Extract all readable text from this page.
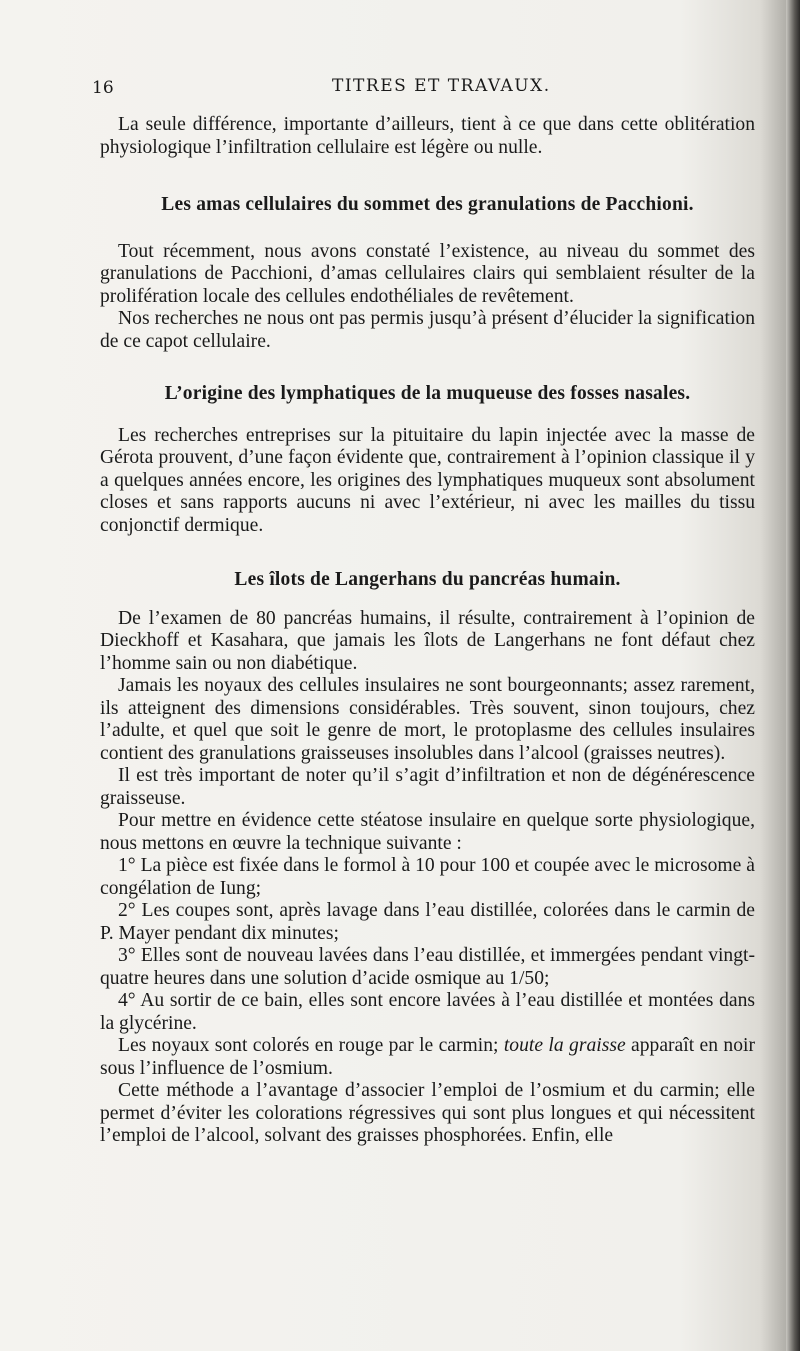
16	TITRES ET TRAVAUX.

La seule différence, importante d’ailleurs, tient à ce que dans cette oblitération physiologique l’infiltration cellulaire est légère ou nulle.

Les amas cellulaires du sommet des granulations de Pacchioni.

Tout récemment, nous avons constaté l’existence, au niveau du sommet des granulations de Pacchioni, d’amas cellulaires clairs qui semblaient résulter de la prolifération locale des cellules endothéliales de revêtement.

Nos recherches ne nous ont pas permis jusqu’à présent d’élucider la signification de ce capot cellulaire.

L’origine des lymphatiques de la muqueuse des fosses nasales.

Les recherches entreprises sur la pituitaire du lapin injectée avec la masse de Gérota prouvent, d’une façon évidente que, contrairement à l’opinion classique il y a quelques années encore, les origines des lymphatiques muqueux sont absolument closes et sans rapports aucuns ni avec l’extérieur, ni avec les mailles du tissu conjonctif dermique.

Les îlots de Langerhans du pancréas humain.

De l’examen de 80 pancréas humains, il résulte, contrairement à l’opinion de Dieckhoff et Kasahara, que jamais les îlots de Langerhans ne font défaut chez l’homme sain ou non diabétique.

Jamais les noyaux des cellules insulaires ne sont bourgeonnants; assez rarement, ils atteignent des dimensions considérables. Très souvent, sinon toujours, chez l’adulte, et quel que soit le genre de mort, le protoplasme des cellules insulaires contient des granulations graisseuses insolubles dans l’alcool (graisses neutres).

Il est très important de noter qu’il s’agit d’infiltration et non de dégénérescence graisseuse.

Pour mettre en évidence cette stéatose insulaire en quelque sorte physiologique, nous mettons en œuvre la technique suivante :

1° La pièce est fixée dans le formol à 10 pour 100 et coupée avec le microsome à congélation de Iung;

2° Les coupes sont, après lavage dans l’eau distillée, colorées dans le carmin de P. Mayer pendant dix minutes;

3° Elles sont de nouveau lavées dans l’eau distillée, et immergées pendant vingt-quatre heures dans une solution d’acide osmique au 1/50;

4° Au sortir de ce bain, elles sont encore lavées à l’eau distillée et montées dans la glycérine.

Les noyaux sont colorés en rouge par le carmin; toute la graisse apparaît en noir sous l’influence de l’osmium.

Cette méthode a l’avantage d’associer l’emploi de l’osmium et du carmin; elle permet d’éviter les colorations régressives qui sont plus longues et qui nécessitent l’emploi de l’alcool, solvant des graisses phosphorées. Enfin, elle
